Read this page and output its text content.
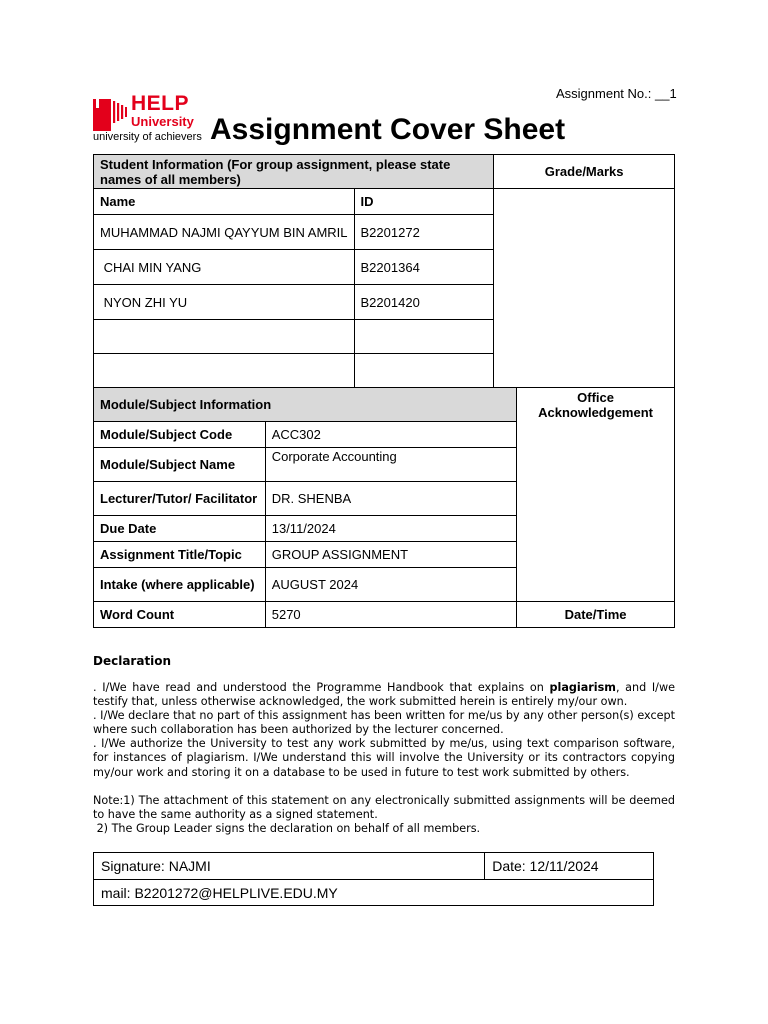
Assignment No.: __1
HELP
University
university of achievers Assignment Cover Sheet
Student Information (For group assignment, please state names of all members)		Grade/Marks
Name	ID	
MUHAMMAD NAJMI QAYYUM BIN AMRIL	B2201272	
CHAI MIN YANG	B2201364	
NYON ZHI YU	B2201420	

Module/Subject Information		Office Acknowledgement
Module/Subject Code	ACC302	
Module/Subject Name	Corporate Accounting	
Lecturer/Tutor/ Facilitator	DR. SHENBA	
Due Date	13/11/2024	
Assignment Title/Topic	GROUP ASSIGNMENT	
Intake (where applicable)	AUGUST 2024	
Word Count	5270	Date/Time
Declaration

. I/We have read and understood the Programme Handbook that explains on plagiarism, and I/we testify that, unless otherwise acknowledged, the work submitted herein is entirely my/our own.

. I/We declare that no part of this assignment has been written for me/us by any other person(s) except where such collaboration has been authorized by the lecturer concerned.

. I/We authorize the University to test any work submitted by me/us, using text comparison software, for instances of plagiarism. I/We understand this will involve the University or its contractors copying my/our work and storing it on a database to be used in future to test work submitted by others.

Note:1) The attachment of this statement on any electronically submitted assignments will be deemed to have the same authority as a signed statement.

2) The Group Leader signs the declaration on behalf of all members.

Signature: NAJMI	Date: 12/11/2024
mail: B2201272@HELPLIVE.EDU.MY
